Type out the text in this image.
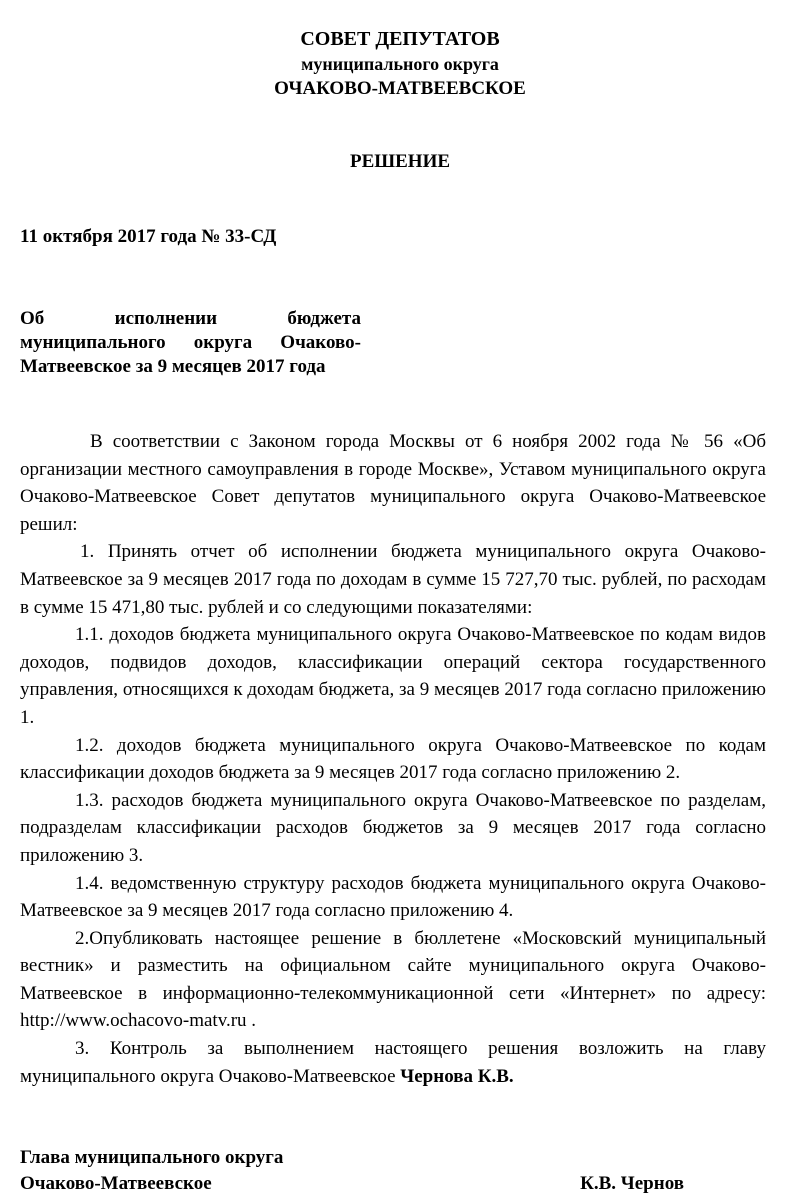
СОВЕТ ДЕПУТАТОВ
муниципального округа
ОЧАКОВО-МАТВЕЕВСКОЕ
РЕШЕНИЕ
11 октября 2017 года № 33-СД
Об исполнении бюджета муниципального округа Очаково-Матвеевское за 9 месяцев 2017 года

В соответствии с Законом города Москвы от 6 ноября 2002 года № 56 «Об организации местного самоуправления в городе Москве», Уставом муниципального округа Очаково-Матвеевское Совет депутатов муниципального округа Очаково-Матвеевское решил:

1. Принять отчет об исполнении бюджета муниципального округа Очаково-Матвеевское за 9 месяцев 2017 года по доходам в сумме 15 727,70 тыс. рублей, по расходам в сумме 15 471,80 тыс. рублей и со следующими показателями:

1.1. доходов бюджета муниципального округа Очаково-Матвеевское по кодам видов доходов, подвидов доходов, классификации операций сектора государственного управления, относящихся к доходам бюджета, за 9 месяцев 2017 года согласно приложению 1.

1.2. доходов бюджета муниципального округа Очаково-Матвеевское по кодам классификации доходов бюджета за 9 месяцев 2017 года согласно приложению 2.

1.3. расходов бюджета муниципального округа Очаково-Матвеевское по разделам, подразделам классификации расходов бюджетов за 9 месяцев 2017 года согласно приложению 3.

1.4. ведомственную структуру расходов бюджета муниципального округа Очаково-Матвеевское за 9 месяцев 2017 года согласно приложению 4.

2.Опубликовать настоящее решение в бюллетене «Московский муниципальный вестник» и разместить на официальном сайте муниципального округа Очаково-Матвеевское в информационно-телекоммуникационной сети «Интернет» по адресу: http://www.ochacovo-matv.ru .

3. Контроль за выполнением настоящего решения возложить на главу муниципального округа Очаково-Матвеевское Чернова К.В.

Глава муниципального округа
Очаково-Матвеевское	К.В. Чернов
